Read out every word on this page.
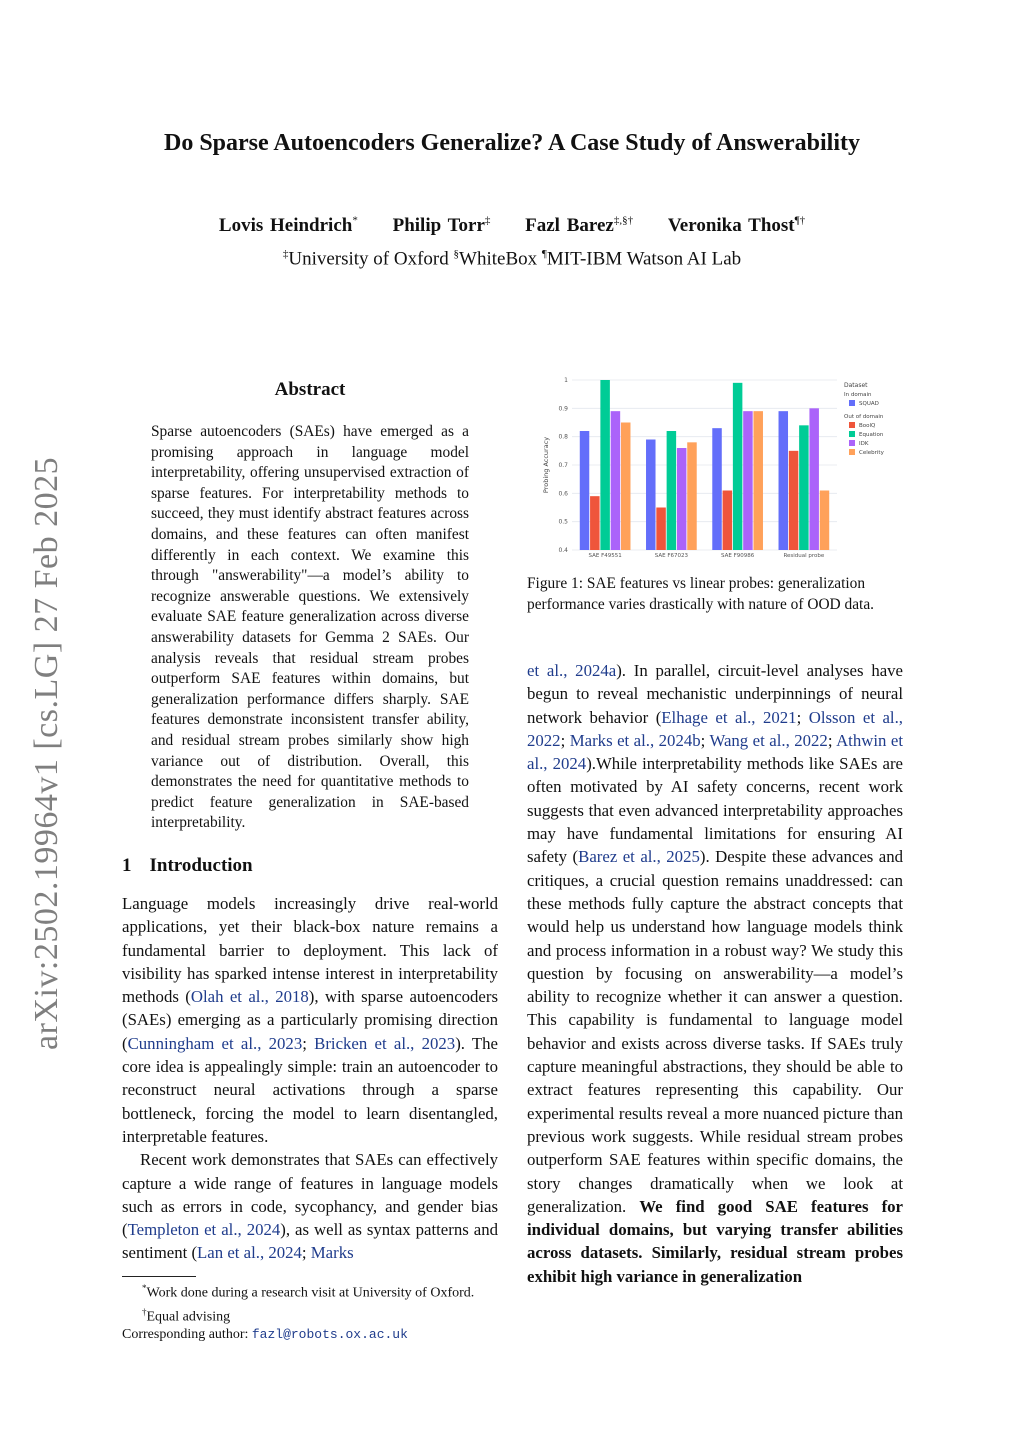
arXiv:2502.19964v1 [cs.LG] 27 Feb 2025
Do Sparse Autoencoders Generalize? A Case Study of Answerability
Lovis Heindrich* Philip Torr‡ Fazl Barez‡,§† Veronika Thost¶†
‡University of Oxford §WhiteBox ¶MIT-IBM Watson AI Lab
Abstract
Sparse autoencoders (SAEs) have emerged as a promising approach in language model interpretability, offering unsupervised extraction of sparse features. For interpretability methods to succeed, they must identify abstract features across domains, and these features can often manifest differently in each context. We examine this through "answerability"—a model’s ability to recognize answerable questions. We extensively evaluate SAE feature generalization across diverse answerability datasets for Gemma 2 SAEs. Our analysis reveals that residual stream probes outperform SAE features within domains, but generalization performance differs sharply. SAE features demonstrate inconsistent transfer ability, and residual stream probes similarly show high variance out of distribution. Overall, this demonstrates the need for quantitative methods to predict feature generalization in SAE-based interpretability.
1 Introduction

Language models increasingly drive real-world applications, yet their black-box nature remains a fundamental barrier to deployment. This lack of visibility has sparked intense interest in interpretability methods (Olah et al., 2018), with sparse autoencoders (SAEs) emerging as a particularly promising direction (Cunningham et al., 2023; Bricken et al., 2023). The core idea is appealingly simple: train an autoencoder to reconstruct neural activations through a sparse bottleneck, forcing the model to learn disentangled, interpretable features.

Recent work demonstrates that SAEs can effectively capture a wide range of features in language models such as errors in code, sycophancy, and gender bias (Templeton et al., 2024), as well as syntax patterns and sentiment (Lan et al., 2024; Marks

*Work done during a research visit at University of Oxford.
†Equal advising
Corresponding author: fazl@robots.ox.ac.uk
0.4
0.5
0.6
0.7
0.8
0.9
1
Probing Accuracy
SAE F49551	SAE F67023	SAE F90986	Residual probe
Dataset
In domain
SQUAD
Out of domain
BoolQ
Equation
IDK
Celebrity
Figure 1: SAE features vs linear probes: generalization performance varies drastically with nature of OOD data.

et al., 2024a). In parallel, circuit-level analyses have begun to reveal mechanistic underpinnings of neural network behavior (Elhage et al., 2021; Olsson et al., 2022; Marks et al., 2024b; Wang et al., 2022; Athwin et al., 2024).While interpretability methods like SAEs are often motivated by AI safety concerns, recent work suggests that even advanced interpretability approaches may have fundamental limitations for ensuring AI safety (Barez et al., 2025). Despite these advances and critiques, a crucial question remains unaddressed: can these methods fully capture the abstract concepts that would help us understand how language models think and process information in a robust way? We study this question by focusing on answerability—a model’s ability to recognize whether it can answer a question. This capability is fundamental to language model behavior and exists across diverse tasks. If SAEs truly capture meaningful abstractions, they should be able to extract features representing this capability. Our experimental results reveal a more nuanced picture than previous work suggests. While residual stream probes outperform SAE features within specific domains, the story changes dramatically when we look at generalization. We find good SAE features for individual domains, but varying transfer abilities across datasets. Similarly, residual stream probes exhibit high variance in generalization
